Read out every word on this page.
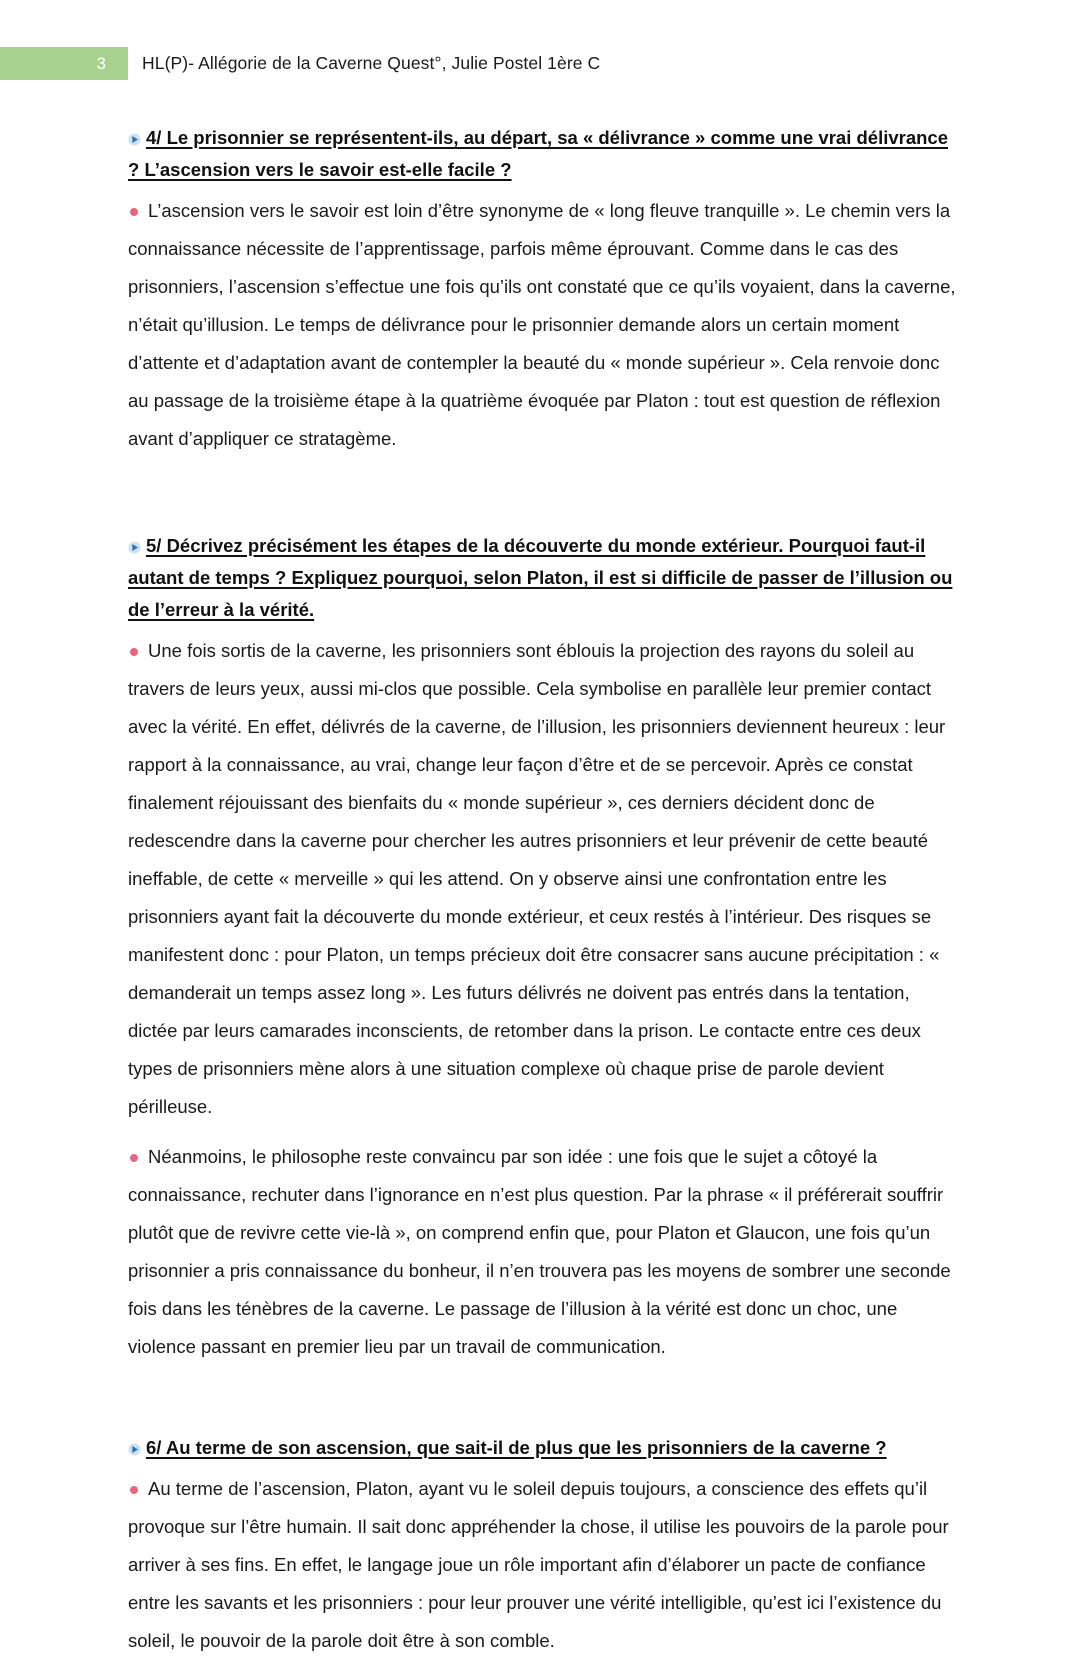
3 HL(P)- Allégorie de la Caverne Quest°, Julie Postel 1ère C
4/ Le prisonnier se représentent-ils, au départ, sa « délivrance » comme une vrai délivrance ? L’ascension vers le savoir est-elle facile ?
L’ascension vers le savoir est loin d’être synonyme de « long fleuve tranquille ». Le chemin vers la connaissance nécessite de l’apprentissage, parfois même éprouvant. Comme dans le cas des prisonniers, l’ascension s’effectue une fois qu’ils ont constaté que ce qu’ils voyaient, dans la caverne, n’était qu’illusion. Le temps de délivrance pour le prisonnier demande alors un certain moment d’attente et d’adaptation avant de contempler la beauté du « monde supérieur ». Cela renvoie donc au passage de la troisième étape à la quatrième évoquée par Platon : tout est question de réflexion avant d’appliquer ce stratagème.
5/ Décrivez précisément les étapes de la découverte du monde extérieur. Pourquoi faut-il autant de temps ? Expliquez pourquoi, selon Platon, il est si difficile de passer de l’illusion ou de l’erreur à la vérité.
Une fois sortis de la caverne, les prisonniers sont éblouis la projection des rayons du soleil au travers de leurs yeux, aussi mi-clos que possible. Cela symbolise en parallèle leur premier contact avec la vérité. En effet, délivrés de la caverne, de l’illusion, les prisonniers deviennent heureux : leur rapport à la connaissance, au vrai, change leur façon d’être et de se percevoir. Après ce constat finalement réjouissant des bienfaits du « monde supérieur », ces derniers décident donc de redescendre dans la caverne pour chercher les autres prisonniers et leur prévenir de cette beauté ineffable, de cette « merveille » qui les attend. On y observe ainsi une confrontation entre les prisonniers ayant fait la découverte du monde extérieur, et ceux restés à l’intérieur. Des risques se manifestent donc : pour Platon, un temps précieux doit être consacrer sans aucune précipitation : « demanderait un temps assez long ». Les futurs délivrés ne doivent pas entrés dans la tentation, dictée par leurs camarades inconscients, de retomber dans la prison. Le contacte entre ces deux types de prisonniers mène alors à une situation complexe où chaque prise de parole devient périlleuse.
Néanmoins, le philosophe reste convaincu par son idée : une fois que le sujet a côtoyé la connaissance, rechuter dans l’ignorance en n’est plus question. Par la phrase « il préférerait souffrir plutôt que de revivre cette vie-là », on comprend enfin que, pour Platon et Glaucon, une fois qu’un prisonnier a pris connaissance du bonheur, il n’en trouvera pas les moyens de sombrer une seconde fois dans les ténèbres de la caverne. Le passage de l’illusion à la vérité est donc un choc, une violence passant en premier lieu par un travail de communication.
6/ Au terme de son ascension, que sait-il de plus que les prisonniers de la caverne ?
Au terme de l’ascension, Platon, ayant vu le soleil depuis toujours, a conscience des effets qu’il provoque sur l’être humain. Il sait donc appréhender la chose, il utilise les pouvoirs de la parole pour arriver à ses fins. En effet, le langage joue un rôle important afin d’élaborer un pacte de confiance entre les savants et les prisonniers : pour leur prouver une vérité intelligible, qu’est ici l’existence du soleil, le pouvoir de la parole doit être à son comble.
